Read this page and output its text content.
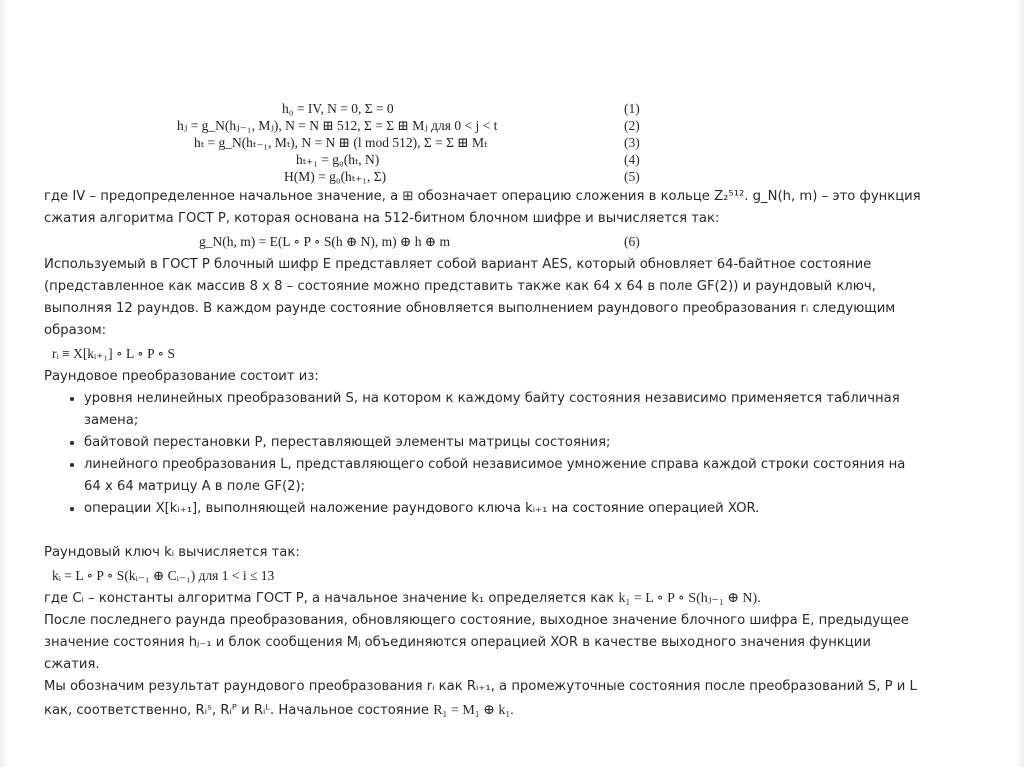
h₀ = IV, N = 0, Σ = 0	(1)
hⱼ = g_N(hⱼ₋₁, Mⱼ), N = N ⊞ 512, Σ = Σ ⊞ Mⱼ для 0 < j < t	(2)
hₜ = g_N(hₜ₋₁, Mₜ), N = N ⊞ (l mod 512), Σ = Σ ⊞ Mₜ	(3)
hₜ₊₁ = g₀(hₜ, N)	(4)
H(M) = g₀(hₜ₊₁, Σ)	(5)

где IV – предопределенное начальное значение, а ⊞ обозначает операцию сложения в кольце Z₂⁵¹². g_N(h, m) – это функция

сжатия алгоритма ГОСТ Р, которая основана на 512-битном блочном шифре и вычисляется так:

g_N(h, m) = E(L ∘ P ∘ S(h ⊕ N), m) ⊕ h ⊕ m	(6)

Используемый в ГОСТ Р блочный шифр E представляет собой вариант AES, который обновляет 64-байтное состояние

(представленное как массив 8 х 8 – состояние можно представить также как 64 х 64 в поле GF(2)) и раундовый ключ,

выполняя 12 раундов. В каждом раунде состояние обновляется выполнением раундового преобразования rᵢ следующим

образом:

rᵢ ≡ X[kᵢ₊₁] ∘ L ∘ P ∘ S

Раундовое преобразование состоит из:

• уровня нелинейных преобразований S, на котором к каждому байту состояния независимо применяется табличная
замена;
• байтовой перестановки P, переставляющей элементы матрицы состояния;
• линейного преобразования L, представляющего собой независимое умножение справа каждой строки состояния на
64 х 64 матрицу А в поле GF(2);
• операции X[kᵢ₊₁], выполняющей наложение раундового ключа kᵢ₊₁ на состояние операцией XOR.

Раундовый ключ kᵢ вычисляется так:

kᵢ = L ∘ P ∘ S(kᵢ₋₁ ⊕ Cᵢ₋₁) для 1 < i ≤ 13

где Cᵢ – константы алгоритма ГОСТ Р, а начальное значение k₁ определяется как k₁ = L ∘ P ∘ S(hⱼ₋₁ ⊕ N).

После последнего раунда преобразования, обновляющего состояние, выходное значение блочного шифра E, предыдущее

значение состояния hⱼ₋₁ и блок сообщения Mⱼ объединяются операцией XOR в качестве выходного значения функции

сжатия.

Мы обозначим результат раундового преобразования rᵢ как Rᵢ₊₁, а промежуточные состояния после преобразований S, P и L

как, соответственно, Rᵢˢ, Rᵢᴾ и Rᵢᴸ. Начальное состояние R₁ = M₁ ⊕ k₁.
